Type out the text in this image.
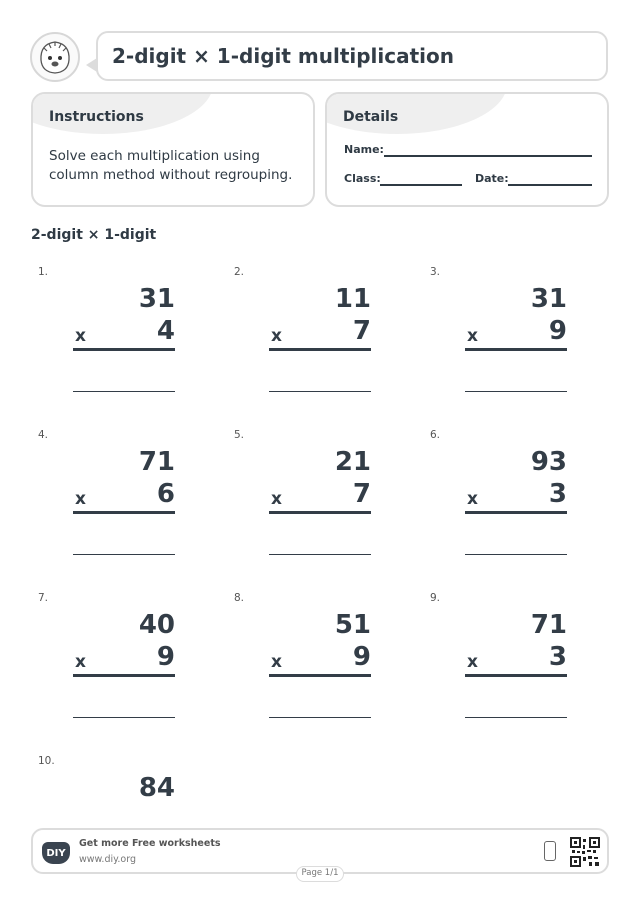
2-digit × 1-digit multiplication
Instructions
Solve each multiplication using column method without regrouping.
Details
Name:
Class:	Date:
2-digit × 1-digit
1.
31
x	4
2.
11
x	7
3.
31
x	9
4.
71
x	6
5.
21
x	7
6.
93
x	3
7.
40
x	9
8.
51
x	9
9.
71
x	3
10.
84
DIY
Get more Free worksheets
www.diy.org
Page 1/1
